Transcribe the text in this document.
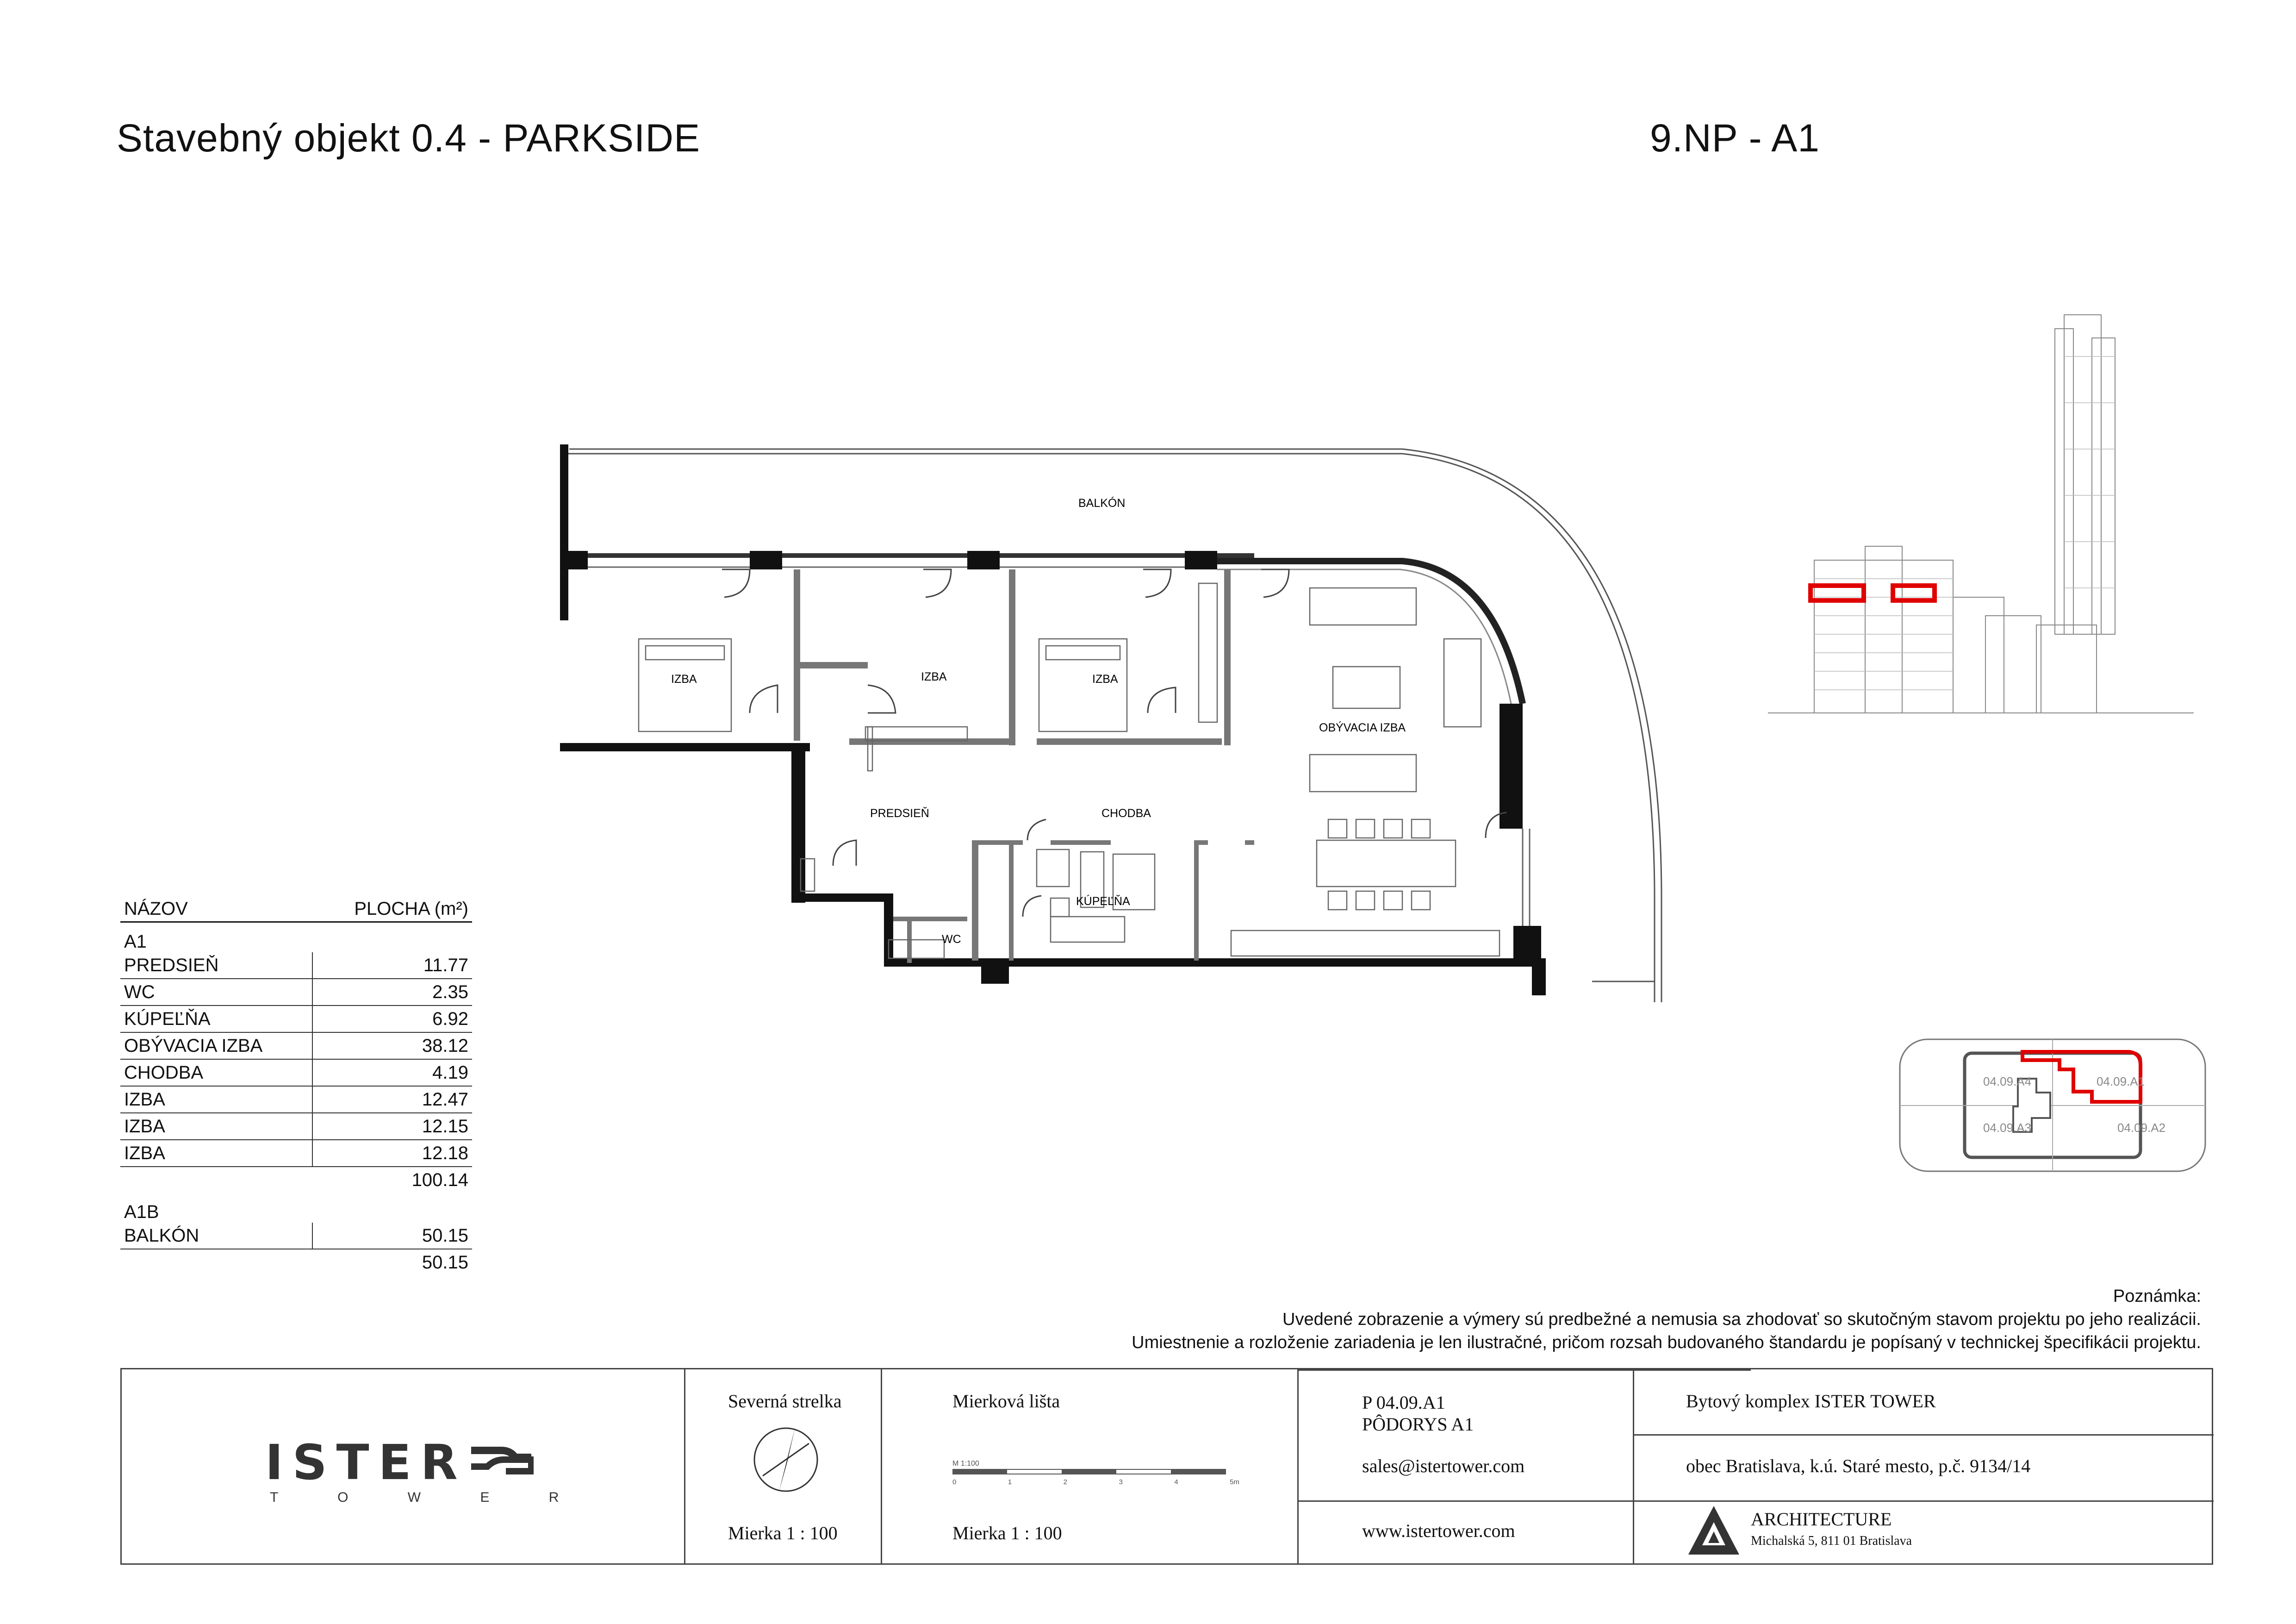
Stavebný objekt 0.4 - PARKSIDE	9.NP - A1
BALKÓN
IZBA	IZBA	IZBA
OBÝVACIA IZBA
PREDSIEŇ	CHODBA
KÚPEĽŇA
WC
04.09.A4	04.09.A1
04.09.A3	04.09.A2
NÁZOV	PLOCHA (m²)
A1	
PREDSIEŇ	11.77
WC	2.35
KÚPEĽŇA	6.92
OBÝVACIA IZBA	38.12
CHODBA	4.19
IZBA	12.47
IZBA	12.15
IZBA	12.18
	100.14
A1B	
BALKÓN	50.15
	50.15
Poznámka:
Uvedené zobrazenie a výmery sú predbežné a nemusia sa zhodovať so skutočným stavom projektu po jeho realizácii.
Umiestnenie a rozloženie zariadenia je len ilustračné, pričom rozsah budovaného štandardu je popísaný v technickej špecifikácii projektu.
ISTER
T O W E R
Severná strelka
Mierka 1 : 100
Mierková lišta
M 1:100
0	1	2	3	4	5m
Mierka 1 : 100
P 04.09.A1
PÔDORYS A1
sales@istertower.com
www.istertower.com
Bytový komplex ISTER TOWER
obec Bratislava, k.ú. Staré mesto, p.č. 9134/14
ARCHITECTURE
Michalská 5, 811 01 Bratislava
